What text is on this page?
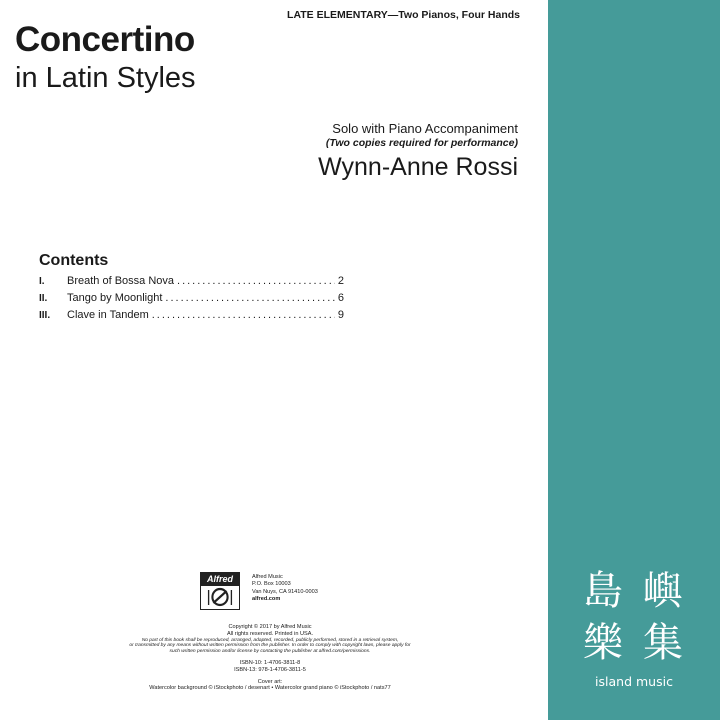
LATE ELEMENTARY—Two Pianos, Four Hands
Concertino
in Latin Styles
Solo with Piano Accompaniment
(Two copies required for performance)
Wynn-Anne Rossi
Contents
I.	Breath of Bossa Nova .....	2
II.	Tango by Moonlight .....	6
III.	Clave in Tandem .....	9
Alfred	Alfred Music
P.O. Box 10003
Van Nuys, CA 91410-0003
alfred.com
Copyright © 2017 by Alfred Music
All rights reserved. Printed in USA.
No part of this book shall be reproduced, arranged, adapted, recorded, publicly performed, stored in a retrieval system,
or transmitted by any means without written permission from the publisher. In order to comply with copyright laws, please apply for
such written permission and/or license by contacting the publisher at alfred.com/permissions.
ISBN-10: 1-4706-3811-8
ISBN-13: 978-1-4706-3811-5
Cover art:
Watercolor background © iStockphoto / desenart • Watercolor grand piano © iStockphoto / nats77
島 嶼
樂 集
island music
